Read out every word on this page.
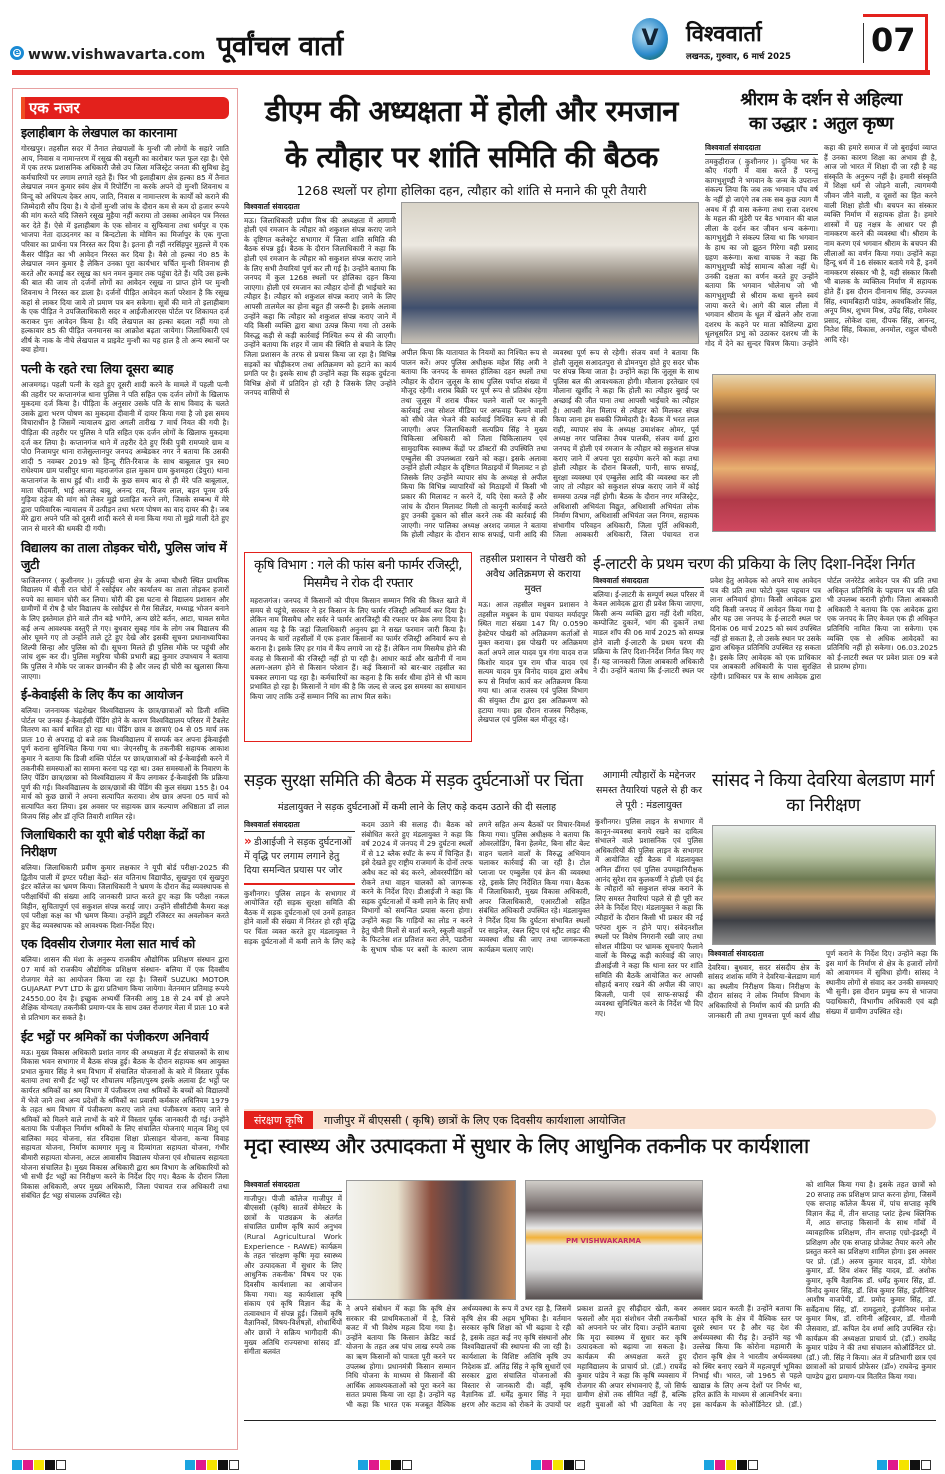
e www.vishwavarta.com पूर्वांचल वार्ता	V	विश्ववार्ता
लखनऊ, गुरुवार, 6 मार्च 2025	07
एक नजर
इलाहीबाग के लेखपाल का कारनामा
गोरखपुर। तहसील सदर में तैनात लेखपालों के मुन्शी जी लोगों के सहारे जाति आय, निवास व नामान्तरण में रसूख की वसूली का कारोबार फल फूल रहा है। ऐसे में एक तरफ प्रशासनिक अधिकारी जैसे उप जिला मजिस्ट्रेट जनता की सुविधा हेतु कर्मचारियों पर लगाम लगाते रहते हैं। फिर भी इलाहीबाग क्षेत्र हल्का 85 में तैनात लेखपाल नमन कुमार स्वंय क्षेत्र में रिपोर्टिंग ना करके अपने दो मुन्शी शिवनाथ व विन्दू को अधिपत्य देकर आय, जाति, निवास व नामान्तरण के कार्यों को कराने की जिम्मेदारी सौंप दिया है। ये दोनों मुन्शी जांच के दौरान कम से कम दो हजार रूपये की मांग करते यदि जिसने रसूख मुहैया नहीं कराया तो उसका आवेदन पत्र निरस्त कर देते हैं। ऐसे में इलाहीबाग के एक सोनार व सुफियाना तथा धर्मपुर व एक भाजपा नेता दाउदनगर का व बिन्दटोला के मोमिन का मिर्जापुर के एक गुप्ता परिवार का प्रार्थना पत्र निरस्त कर दिया है। इतना ही नहीं नरसिंहपुर मुहल्ले में एक कैंसर पीड़ित का भी आवेदन निरस्त कर दिया है। वैसे तो हल्का नं0 85 के लेखपाल नमन कुमार है लेकिन उनका पूरा कार्यभार चर्चित मुन्शी शिवनाथ ही करते और कमाई कर रसूख का धन नमन कुमार तक पहुंचा देते हैं। यदि उस हल्के की बात की जाय तो दर्जनों लोगों का आवेदन रसूख ना प्राप्त होने पर मुन्शी शिवनाथ ने निरस्त कर डाला है। दर्जनों पीड़ित आवेदन कर्ता परेशान है कि रसूख कहां से लाकर दिया जाये तो प्रमाण पत्र बन सकेगा। सूत्रों की माने तो इलाहीबाग के एक पीड़ित ने उपजिलाधिकारी सदर व आईजीआरएस पोर्टल पर शिकायत दर्ज कराकर पुनः आवेदन किया है। यदि लेखपाल का हल्का बदला नहीं गया तो हल्कावार 85 की पीड़ित जनमानस का आक्रोश बढ़ता जायेगा। जिलाधिकारी एवं शीर्ष के नाक के नीचे लेखपाल व प्राइवेट मुन्शी का यह हाल है तो अन्य स्थानों पर क्या होगा।
पत्नी के रहते रचा लिया दूसरा ब्याह
आजमगढ़। पहली पत्नी के रहते हुए दूसरी शादी करने के मामले में पहली पत्नी की तहरीर पर कप्तानगंज थाना पुलिस ने पति सहित एक दर्जन लोगों के खिलाफ मुकदमा दर्ज किया है। पीड़िता के अनुसार उसके पति के साथ विवाद के चलते उसके द्वारा भरण पोषण का मुकदमा दीवानी में दायर किया गया है जो इस समय विचाराधीन है जिसमें न्यायालय द्वारा अगली तारीख 7 मार्च नियत की गयी है। पीड़िता की तहरीर पर पुलिस ने पति सहित एक दर्जन लोगों के खिलाफ मुकदमा दर्ज कर लिया है। कप्तानगंज थाने में तहरीर देते हुए रिंकी पुत्री रामप्यारे ग्राम व पो0 निजामपुर थाना राजेसुल्तानपुर जनपद अम्बेडकर नगर ने बताया कि उसकी शादी 5 नवम्बर 2019 को हिन्दू रीति-रिवाज के साथ बाबूलाल पुत्र स्व0 राधेश्याम ग्राम पासीपुर थाना महराजगंज हाल मुकाम ग्राम कुशमहरा (डेयुरा) थाना कप्तानगंज के साथ हुई थी। शादी के कुछ समय बाद से ही मेरे पति बाबूलाल, माता चौदमती, भाई आजाद बाबू, अनन्द राव, विजय लाल, बहन पूनम उर्फ गुड़िया दहेज की मांग को लेकर मुझे प्रताड़ित करने लगे, जिसके सम्बन्ध में मेरे द्वारा पारिवारिक न्यायालय में उत्पीड़न तथा भरण पोषण का वाद दायर की है। जब मेरे द्वारा अपने पति को दूसरी शादी करने से मना किया गया तो मुझे गाली देते हुए जान से मारने की धमकी दी गयी।
विद्यालय का ताला तोड़कर चोरी, पुलिस जांच में जुटी
फाजिलनगर ( कुशीनगर )। तुर्कपट्टी थाना क्षेत्र के अम्वा चौधरी स्थित प्राथमिक विद्यालय में बीती रात चोरों ने रसोईघर और कार्यालय का ताला तोड़कर हजारों रुपये का सामान चोरी कर लिया। चोरी की इस घटना से विद्यालय प्रशासन और ग्रामीणों में रोष है चोर विद्यालय के रसोईघर से गैस सिलेंडर, मध्याह्न भोजन बनाने के लिए इस्तेमाल होने वाले तीन बड़े भगौने, अन्य छोटे बर्तन, आटा, चावल समेत कई अन्य आवश्यक वस्तुएँ ले गए। बुधवार सुबह गांव के लोग जब विद्यालय की ओर घूमने गए तो उन्होंने ताले टूटे हुए देखे और इसकी सूचना प्रधानाध्यापिका शिल्पी सिन्हा और पुलिस को दी। सूचना मिलते ही पुलिस मौके पर पहुंची और जांच शुरू कर दी। पुलिस मधुरिया चौकी प्रभारी ब्रह्म कुमार उपाध्याय ने बताया कि पुलिस ने मौके पर जाकर छानबीन की है और जल्द ही चोरी का खुलासा किया जाएगा।
ई-केवाईसी के लिए कैंप का आयोजन
बलिया। जननायक चंद्रशेखर विश्वविद्यालय के छात्र/छात्राओं को डिजी शक्ति पोर्टल पर उनका ई-केवाईसी पेंडिंग होने के कारण विश्वविद्यालय परिसर में टैबलेट वितरण का कार्य बाधित हो रहा था। पेंडिंग छात्र व छात्राएं 04 से 05 मार्च तक प्रातः 10 से अपराह्न दो बजे तक विश्वविद्यालय में सम्पर्क कर अपना ईकेवाईसी पूर्ण कराना सुनिश्चित किया गया था। जेएनसीयू के तकनीकी सहायक आकाश कुमार ने बताया कि डिजी शक्ति पोर्टल पर छात्र/छात्राओं को ई-केवाईसी करने में तकनीकी समस्याओं का सामना करना पड़ रहा था। उक्त समस्याओं के निवारण के लिए पेंडिंग छात्र/छात्रा को विश्वविद्यालय में कैंप लगाकर ई-केवाईसी कि प्रक्रिया पूर्ण की गई। विश्वविद्यालय के छात्र/छात्रों की पेंडिंग की कुल संख्या 155 है। 04 मार्च को कुछ छात्रों ने अपना सत्यापित कराया। शेष छात्र अपना 05 मार्च को सत्यापित करा लिया। इस अवसर पर सहायक छात्र कल्याण अधिष्ठाता डॉ लाल विजय सिंह और डॉ तृप्ति तिवारी शामिल रहे।
जिलाधिकारी का यूपी बोर्ड परीक्षा केंद्रों का निरीक्षण
बलिया। जिलाधिकारी प्रवीण कुमार लक्षकार ने यूपी बोर्ड परीक्षा-2025 की द्वितीय पाली में इण्टर परीक्षा केंद्रो- संत यतिनाथ विद्यापीठ, सुखपुरा एवं सुखपुरा इंटर कॉलेज का भ्रमण किया। जिलाधिकारी ने भ्रमण के दौरान केंद्र व्यवस्थापक से परीक्षार्थियों की संख्या आदि जानकारी प्राप्त करते हुए कहा कि परीक्षा नकल विहीन, सुचितापूर्ण एवं सकुशल संपन्न कराई जाए। उन्होंने सीसीटीवी कैमरा कक्ष एवं परीक्षा कक्ष का भी भ्रमण किया। उन्होंने ड्यूटी रजिस्टर का अवलोकन करते हुए केंद्र व्यवस्थापक को आवश्यक दिशा-निर्देश दिए।
एक दिवसीय रोजगार मेला सात मार्च को
बलिया। शासन की मंशा के अनुरूप राजकीय औद्योगिक प्रशिक्षण संस्थान द्वारा 07 मार्च को राजकीय औद्योगिक प्रशिक्षण संस्थान- बलिया में एक दिवसीय रोजगार मेले का आयोजन किया जा रहा है। जिसमें SUZUKI MOTOR GUJARAT PVT LTD के द्वारा प्रतिभाग किया जायेगा। वेतनमान प्रतिमाह रूपये 24550.00 देय है। इच्छुक अभ्यर्थी जिनकी आयु 18 से 24 वर्ष हो अपने शैक्षिक योग्यता/ तकनीकी प्रमाण-पत्र के साथ उक्त रोजगार मेला में प्रातः 10 बजे से प्रतिभाग कर सकते है।
ईट भट्ठों पर श्रमिकों का पंजीकरण अनिवार्य
मऊ। मुख्य विकास अधिकारी प्रशांत नागर की अध्यक्षता में ईंट संचालकों के साथ विकास भवन सभागार में बैठक संपन्न हुई। बैठक के दौरान सहायक श्रम आयुक्त प्रभात कुमार सिंह ने श्रम विभाग में संचालित योजनाओं के बारे में विस्तार पूर्वक बताया तथा सभी ईंट भट्ठों पर शौचालय महिला/पुरुष इसके अलावा ईंट भट्ठों पर कार्यरत श्रमिकों का श्रम विभाग में पंजीकरण तथा श्रमिकों के बच्चों को विद्यालयों में भेजे जाने तथा अन्य प्रदेशों के श्रमिकों का प्रवासी कर्मकार अधिनियम 1979 के तहत श्रम विभाग में पंजीकरण कराए जाने तथा पंजीकरण कराए जाने से श्रमिकों को मिलने वाले लाभों के बारे में विस्तार पूर्वक जानकारी दी गई। उन्होंने बताया कि पंजीकृत निर्माण श्रमिकों के लिए संचालित योजनाएं मातृत्व शिशु एवं बालिका मदद योजना, संत रविदास शिक्षा प्रोत्साहन योजना, कन्या विवाह सहायता योजना, निर्माण कामगार मृत्यु व दिव्यांगता सहायता योजना, गंभीर बीमारी सहायता योजना, अटल आवासीय विद्यालय योजना एवं शौचालय सहायता योजना संचालित है। मुख्य विकास अधिकारी द्वारा श्रम विभाग के अधिकारियों को भी सभी ईंट भट्ठों का निरीक्षण करने के निर्देश दिए गए। बैठक के दौरान जिला विकास अधिकारी, अपर मुख्य अधिकारी, जिला पंचायत राज अधिकारी तथा संबंधित ईंट भट्ठा संचालक उपस्थित रहे।
डीएम की अध्यक्षता में होली और रमजान
के त्यौहार पर शांति समिति की बैठक
1268 स्थलों पर होगा होलिका दहन, त्यौहार को शांति से मनाने की पूरी तैयारी
विश्ववार्ता संवाददाता
मऊ। जिलाधिकारी प्रवीण मिश्र की अध्यक्षता में आगामी होली एवं रमजान के त्यौहार को शकुशल संपन्न कराए जाने के दृष्टिगत कलेक्ट्रेट सभागार में जिला शांति समिति की बैठक संपन्न हुई। बैठक के दौरान जिलाधिकारी ने कहा कि होली एवं रमजान के त्यौहार को सकुशल संपन्न कराए जाने के लिए सभी तैयारियां पूर्ण कर ली गई है। उन्होंने बताया कि जनपद में कुल 1268 स्थलों पर होलिका दहन किया जाएगा। होली एवं रमजान का त्यौहार दोनों ही भाईचारे का त्यौहार है। त्यौहार को शकुशल संपन्न कराए जाने के लिए आपसी तालमेल का होना बहुत ही जरूरी है। इसके अलावा उन्होंने कहा कि त्यौहार को शकुशल संपन्न कराए जाने में यदि किसी व्यक्ति द्वारा बाधा उत्पन्न किया गया तो उसके विरुद्ध कड़ी से कड़ी कार्रवाई निश्चित रूप से की जाएगी। उन्होंने बताया कि शहर में जाम की स्थिति से बचाने के लिए जिला प्रशासन के तरफ से प्रयास किया जा रहा है। विभिन्न सड़कों का चौड़ीकरण तथा अतिक्रमण को हटाने का कार्य प्रगति पर है। इसके साथ ही उन्होंने कहा कि सड़क दुर्घटना विभिन्न क्षेत्रों में प्रतिदिन हो रही है जिसके लिए उन्होंने जनपद वासियों से
अपील किया कि यातायात के नियमों का निश्चित रूप से पालन करें। अपर पुलिस अधीक्षक महेश सिंह अत्री ने बताया कि जनपद के समस्त होलिका दहन स्थलों तथा त्यौहार के दौरान जुलूस के साथ पुलिस पर्याप्त संख्या में मौजूद रहेगी। शराब बिक्री पर पूर्ण रूप से प्रतिबंध रहेगा तथा जुलूस में शराब पीकर चलने वालों पर कानूनी कार्रवाई तथा सोशल मीडिया पर अफवाह फैलाने वालों को सीधे जेल भेजने की कार्रवाई निश्चित रूप से की जाएगी। अपर जिलाधिकारी सत्यप्रिय सिंह ने मुख्य चिकित्सा अधिकारी को जिला चिकित्सालय एवं सामुदायिक स्वास्थ्य केंद्रों पर डॉक्टरों की उपस्थिति तथा एम्बुलेंस की उपलब्धता रखने को कहा। इसके अलावा उन्होंने होली त्यौहार के दृष्टिगत मिठाइयों में मिलावट न हो जिसके लिए उन्होंने व्यापार संघ के अध्यक्ष से अपील किया कि विभिन्न व्यापारियों को मिठाइयों में किसी भी प्रकार की मिलावट न करने दें, यदि ऐसा करते हैं और जांच के दौरान मिलावट मिली तो कानूनी कार्रवाई करते हुए उनकी दुकान को सील करने तक की कार्रवाई की जाएगी। नगर पालिका अध्यक्ष अरशद जमाल ने बताया कि होली त्यौहार के दौरान साफ सफाई, पानी आदि की व्यवस्था पूर्ण रूप से रहेगी। संजय वर्मा ने बताया कि होली जुलूस सआदतपुरा से डोमनपुरा होते हुए सदर चौक पर संपन्न किया जाता है। उन्होंने कहा कि जुलूस के साथ पुलिस बल की आवश्यकता होगी। मौलाना इरतेखार एवं मौलाना खुर्शीद ने कहा कि होली का त्यौहार बुराई पर अच्छाई की जीत पाना तथा आपसी भाईचारे का त्यौहार है। आपसी मेल मिलाप से त्यौहार को मिलकर संपन्न किया जाना हम सबकी जिम्मेदारी है। बैठक में भरत लाल राही, व्यापार संघ के अध्यक्ष उमाशंकर ओमर, पूर्व अध्यक्ष नगर पालिका तैयब पालकी, संजय वर्मा द्वारा जनपद में होली एवं रमजान के त्यौहार को सकुशल संपन्न कराए जाने में अपना पूरा सहयोग करने को कहा तथा होली त्यौहार के दौरान बिजली, पानी, साफ सफाई, सुरक्षा व्यवस्था एवं एम्बुलेंस आदि की व्यवस्था कर ली जाए तो त्यौहार को सकुशल संपन्न कराए जाने में कोई समस्या उत्पन्न नहीं होगी। बैठक के दौरान नगर मजिस्ट्रेट, अधिशासी अभियंता विद्युत, अधिशासी अभियंता लोक निर्माण विभाग, अधिशासी अभियंता जल निगम, सहायक संभागीय परिवहन अधिकारी, जिला पूर्ति अधिकारी, जिला आबकारी अधिकारी, जिला पंचायत राज
श्रीराम के दर्शन से अहिल्या
का उद्धार : अतुल कृष्ण
विश्ववार्ता संवाददाता
तमकुहीराज ( कुशीनगर )। दुनिया भर के कौए गंदगी में वास करते हैं परन्तु कागभुशुण्डी ने भगवान के जन्म के उपरान्त संकल्प लिया कि जब तक भगवान पाँच वर्ष के नहीं हो जाएंगे तब तक सब कुछ त्याग मैं अवध में ही वास करूंगा तथा राजा दशरथ के महल की मुंडेरी पर बैठ भगवान की बाल लीला के दर्शन कर जीवन धन्य करूंगा। कागभुशुंडी ने संकल्प लिया था कि भगवान के हाथ का जो झूठन गिरेगा वही प्रसाद ग्रहण करूंगा। कथा वाचक ने कहा कि कागभुशुण्डी कोई सामान्य कौआ नहीं थे। उनकी दक्षता का वर्णन करते हुए उन्होंने बताया कि भगवान भोलेनाथ जो भी कागभुशुण्डी से श्रीराम कथा सुनने स्वयं जाया करते थे। आगे की बाल लीला में भगवान श्रीराम के धूल में खेलने और राजा दशरथ के कहने पर माता कौशिल्या द्वारा धूलधूसरित प्रभु को उठाकर दशरथ जी के गोद में देने का सुन्दर चित्रण किया। उन्होंने कहा की हमारे समाज में जो बुराईयां व्याप्त हैं उनका कारण शिक्षा का अभाव ही है, आज जो भारत में शिक्षा दी जा रही है वह संस्कृति के अनुरूप नहीं है। हमारी संस्कृति में शिक्षा धर्म से जोड़ने वाली, त्यागमयी जीवन जीने वाली, व दूसरों का हित करने वाली शिक्षा होती थी। बचपन का संस्कार व्यक्ति निर्माण में सहायक होता है। हमारे शास्त्रों में ग्रह नक्षत्र के आधार पर ही नामकरण करने की व्यवस्था थी। श्रीराम के नाम करण एवं भगवान श्रीराम के बचपन की लीलाओं का वर्णन किया गया। उन्होंने कहा हिन्दू धर्म में 16 संस्कार बताये गये हैं, इनमें नामकरण संस्कार भी है, यही संस्कार किसी भी बालक के व्यक्तित्व निर्माण में सहायक होते हैं। इस दौरान दीनानाथ सिंह, उज्ज्वल सिंह, श्यामबिहारी पांडेय, अवधकिशोर सिंह, अनूप मिश्र, शुभम मिश्र, उपेंद्र सिंह, रामेश्वर प्रसाद, लोकेश दास, दीपक सिंह, आनन्द, नितेश सिंह, विकास, अनमोल, राहुल चौधरी आदि रहे।
कृषि विभाग : गले की फांस बनी फार्मर रजिस्ट्री, मिसमैच ने रोक दी रफ्तार
महराजगंज। जनपद में किसानों को पीएम किसान सम्मान निधि की किश्त खाते में समय से पहुंचे, सरकार ने हर किसान के लिए फार्मर रजिस्ट्री अनिवार्य कर दिया है। लेकिन नाम मिसमैच और सर्वर ने फार्मर आरजिस्ट्री की रफ्तार पर ब्रेक लगा दिया है। आलम यह है कि जहां जिलाधिकारी अनुनय झा ने सख्त फरमान जारी किया है। जनपद के चारों तहसीलों में एक हजार किसानों का फार्मर रजिस्ट्री अनिवार्य रूप से कराना है। इसके लिए हर गांव में कैंप लगाये जा रहे हैं। लेकिन नाम मिसमैच होने की वजह से किसानों की रजिस्ट्री नहीं हो पा रही है। आधार कार्ड और खतौनी में नाम अलग-अलग होने से किसान परेशान हैं। कई किसानों को बार-बार तहसील का चक्कर लगाना पड़ रहा है। कर्मचारियों का कहना है कि सर्वर धीमा होने से भी काम प्रभावित हो रहा है। किसानों ने मांग की है कि जल्द से जल्द इस समस्या का समाधान किया जाए ताकि उन्हें सम्मान निधि का लाभ मिल सके।
तहसील प्रशासन ने पोखरी को अवैध अतिक्रमण से कराया मुक्त
मऊ। आज तहसील मधुबन प्रशासन ने तहसील मधुबन के ग्राम पंचायत मर्यादपुर स्थित गाटा संख्या 147 मि/ 0.0590 हेक्टेयर पोखरी को अतिक्रमण कर्ताओं से मुक्त कराया। इस पोखरी पर अतिक्रमण कर्ता अपने लाल यादव पुत्र गंगा यादव राज किशोर यादव पुत्र राम चीज यादव एवं सत्यम यादव पुत्र विनोद यादव द्वारा अवैध रूप से निर्माण कार्य कर अतिक्रमण किया गया था। आज राजस्व एवं पुलिस विभाग की संयुक्त टीम द्वारा इस अतिक्रमण को हटाया गया। इस दौरान राजस्व निरीक्षक, लेखपाल एवं पुलिस बल मौजूद रहे।
ई-लाटरी के प्रथम चरण की प्रकिया के लिए दिशा-निर्देश निर्गत
विश्ववार्ता संवाददाता
बलिया। ई-लाटरी के सम्पूर्ण स्थल परिसर में केवल आवेदक द्वारा ही प्रवेश किया जाएगा, किसी अन्य व्यक्ति द्वारा नहीं देशी मदिरा, कम्पोजिट दुकानें, भांग की दुकानें तथा माडल शॉप की 06 मार्च 2025 को सम्पन्न होने वाली ई-लाटरी के प्रथम चरण की प्रक्रिया के लिए दिशा-निर्देश निर्गत किए गए हैं। यह जानकारी जिला आबकारी अधिकारी ने दी। उन्होंने बताया कि ई-लाटरी स्थल पर प्रवेश हेतु आवेदक को अपने साथ आवेदन पत्र की प्रति तथा फोटो युक्त पहचान पत्र लाना अनिवार्य होगा। किसी आवेदक द्वारा यदि किसी जनपद में आवेदन किया गया है और यह उस जनपद के ई-लाटरी स्थल पर दिनांक 06 मार्च 2025 को स्वयं उपस्थित नहीं हो सकता है, तो उसके स्थान पर उसके द्वारा अधिकृत प्रतिनिधि उपस्थित रह सकता है। इसके लिए आवेदक को एक प्राधिकार पत्र आबकारी अधिकारी के पास सुरक्षित रहेगी। प्राधिकार पत्र के साथ आवेदक द्वारा पोर्टल जनरेटेड आवेदन पत्र की प्रति तथा अधिकृत प्रतिनिधि के पहचान पत्र की प्रति भी उपलब्ध करानी होगी। जिला आबकारी अधिकारी ने बताया कि एक आवेदक द्वारा एक जनपद के लिए केवल एक ही अधिकृत प्रतिनिधि नामित किया जा सकेगा। एक व्यक्ति एक से अधिक आवेदकों का प्रतिनिधि नहीं हो सकेगा। 06.03.2025 को ई-लाटरी स्थल पर प्रवेश प्रातः 09 बजे से प्रारम्भ होगा।
सड़क सुरक्षा समिति की बैठक में सड़क दुर्घटनाओं पर चिंता
मंडलायुक्त ने सड़क दुर्घटनाओं में कमी लाने के लिए कड़े कदम उठाने की दी सलाह
विश्ववार्ता संवाददाता
» डीआईजी ने सड़क दुर्घटनाओं में वृद्धि पर लगाम लगाने हेतु दिया समन्वित प्रयास पर जोर
कुशीनगर। पुलिस लाइन के सभागार में आयोजित रही सड़क सुरक्षा समिति की बैठक में सड़क दुर्घटनाओं एवं उनमें हताहत होने वालों की संख्या में निरंतर हो रही वृद्धि पर चिंता व्यक्त करते हुए मंडलायुक्त ने सड़क दुर्घटनाओं में कमी लाने के लिए कड़े कदम उठाने की सलाह दी। बैठक को संबोधित करते हुए मंडलायुक्त ने कहा कि वर्ष 2024 में जनपद में 29 दुर्घटना स्थलों में से 12 ब्लैक स्पॉट के रूप में चिन्हित हैं। इसे देखते हुए राष्ट्रीय राजमार्ग के दोनों तरफ अवैध कट को बंद करने, ओवरस्पीडिंग को रोकने तथा वाहन चालकों को जागरूक करने के निर्देश दिए। डीआईजी ने कहा कि सड़क दुर्घटनाओं में कमी लाने के लिए सभी विभागों को समन्वित प्रयास करना होगा। उन्होंने कहा कि गाड़ियों का लोड न करने हेतु चीनी मिलों से वार्ता करने, स्कूली वाहनों के फिटनेस शत प्रतिशत करा लेने, पडरौना के सुभाष चौक पर बसों के कारण जाम लगने सहित अन्य बैठकों पर विचार-विमर्श किया गया। पुलिस अधीक्षक ने बताया कि ओवरलोडिंग, बिना हेलमेट, बिना सीट बेल्ट वाहन चलाने वालों के विरुद्ध अभियान चलाकर कार्रवाई की जा रही है। टोल प्लाजा पर एम्बुलेंस एवं क्रेन की व्यवस्था रहे, इसके लिए निर्देशित किया गया। बैठक में जिलाधिकारी, मुख्य विकास अधिकारी, अपर जिलाधिकारी, एआरटीओ सहित संबंधित अधिकारी उपस्थित रहे। मंडलायुक्त ने निर्देश दिया कि दुर्घटना संभावित स्थलों पर साइनेज, रंबल स्ट्रिप एवं स्ट्रीट लाइट की व्यवस्था शीघ्र की जाए तथा जागरूकता कार्यक्रम चलाए जाएं।
आगामी त्यौहारों के मद्देनजर समस्त तैयारियां पहले से ही कर ले पूरी : मंडलायुक्त
कुशीनगर। पुलिस लाइन के सभागार में कानून-व्यवस्था बनाये रखने का दायित्व संभालने वाले प्रशासनिक एवं पुलिस अधिकारियों की पुलिस लाइन के सभागार में आयोजित रही बैठक में मंडलायुक्त अनिल ढींगरा एवं पुलिस उपमहानिरीक्षक आनंद सुरेश राव कुलकर्णी ने होली एवं ईद के त्यौहारों को सकुशल संपन्न कराने के लिए समस्त तैयारियां पहले से ही पूरी कर लेने के निर्देश दिए। मंडलायुक्त ने कहा कि त्यौहारों के दौरान किसी भी प्रकार की नई परंपरा शुरू न होने पाए। संवेदनशील स्थलों पर विशेष निगरानी रखी जाए तथा सोशल मीडिया पर भ्रामक सूचनाएं फैलाने वालों के विरुद्ध कड़ी कार्रवाई की जाए। डीआईजी ने कहा कि थाना स्तर पर शांति समिति की बैठकें आयोजित कर आपसी सौहार्द बनाए रखने की अपील की जाए। बिजली, पानी एवं साफ-सफाई की व्यवस्था सुनिश्चित करने के निर्देश भी दिए गए।
सांसद ने किया देवरिया बेलडाण मार्ग का निरीक्षण
विश्ववार्ता संवाददाता
देवरिया। बुधवार, सदर संसदीय क्षेत्र के सांसद शशांक मणि ने देवरिया-बेलडाण मार्ग का स्थलीय निरीक्षण किया। निरीक्षण के दौरान सांसद ने लोक निर्माण विभाग के अधिकारियों से निर्माण कार्य की प्रगति की जानकारी ली तथा गुणवत्ता पूर्ण कार्य शीघ्र पूर्ण कराने के निर्देश दिए। उन्होंने कहा कि इस मार्ग के निर्माण से क्षेत्र के हजारों लोगों को आवागमन में सुविधा होगी। सांसद ने स्थानीय लोगों से संवाद कर उनकी समस्याएं भी सुनी। इस दौरान प्रमुख रूप से भाजपा पदाधिकारी, विभागीय अधिकारी एवं बड़ी संख्या में ग्रामीण उपस्थित रहे।
संरक्षण कृषि गाजीपुर में बीएससी ( कृषि) छात्रों के लिए एक दिवसीय कार्यशाला आयोजित
मृदा स्वास्थ्य और उत्पादकता में सुधार के लिए आधुनिक तकनीक पर कार्यशाला
PM VISHWAKARMA
विश्ववार्ता संवाददाता
गाजीपुर। पीजी कॉलेज गाजीपुर में बीएससी (कृषि) सातवें सेमेस्टर के छात्रों के पाठ्यक्रम के अंतर्गत संचालित ग्रामीण कृषि कार्य अनुभव (Rural Agricultural Work Experience - RAWE) कार्यक्रम के तहत 'संरक्षण कृषिः मृदा स्वास्थ्य और उत्पादकता में सुधार के लिए आधुनिक तकनीक' विषय पर एक दिवसीय कार्यशाला का आयोजन किया गया। यह कार्यशाला कृषि संकाय एवं कृषि विज्ञान केंद्र के तत्वावधान में संपन्न हुई। जिसमें कृषि वैज्ञानिकों, विषय-विशेषज्ञों, शोधार्थियों और छात्रों ने सक्रिय भागीदारी की। मुख्य अतिथि राज्यसभा सांसद डॉ. संगीता बलवंत
ने अपने संबोधन में कहा कि कृषि क्षेत्र सरकार की प्राथमिकताओं में है, जिसे बजट में भी विशेष महत्व दिया गया है। उन्होंने बताया कि किसान क्रेडिट कार्ड योजना के तहत अब पांच लाख रुपये तक का ऋण किसानों को पात्रता पूरी करने पर उपलब्ध होगा। प्रधानमंत्री किसान सम्मान निधि योजना के माध्यम से किसानों की आर्थिक आवश्यकताओं को पूरा करने का सतत प्रयास किया जा रहा है। उन्होंने यह भी कहा कि भारत एक मजबूत वैश्विक अर्थव्यवस्था के रूप में उभर रहा है, जिसमें कृषि क्षेत्र की अहम भूमिका है। वर्तमान सरकार कृषि शिक्षा को भी बढ़ावा दे रही है, इसके तहत कई नए कृषि संस्थानों और विश्वविद्यालयों की स्थापना की जा रही है। कार्यशाला के विशिष्ट अतिथि कृषि उप निदेशक डॉ. अतिंद्र सिंह ने कृषि सुधारों एवं सरकार द्वारा संचालित योजनाओं की विस्तार से जानकारी दी। वहीं, कृषि वैज्ञानिक डॉ. धर्मेंद्र कुमार सिंह ने मृदा क्षरण और कटाव को रोकने के उपायों पर प्रकाश डालते हुए सीढ़ीदार खेती, कवर फसलों और मृदा संशोधन जैसी तकनीकों को अपनाने पर जोर दिया। उन्होंने बताया कि मृदा स्वास्थ्य में सुधार कर कृषि उत्पादकता को बढ़ाया जा सकता है। कार्यक्रम की अध्यक्षता करते हुए महाविद्यालय के प्राचार्य प्रो. (डॉ.) राघवेंद्र कुमार पांडेय ने कहा कि कृषि व्यवसाय में रोजगार की अपार संभावनाएं हैं, जो सिर्फ ग्रामीण क्षेत्रों तक सीमित नहीं हैं, बल्कि शहरी युवाओं को भी उद्यमिता के नए अवसर प्रदान करती हैं। उन्होंने बताया कि भारत कृषि के क्षेत्र में वैश्विक स्तर पर दूसरे स्थान पर है और यह देश की अर्थव्यवस्था की रीढ़ है। उन्होंने यह भी उल्लेख किया कि कोरोना महामारी के दौरान कृषि क्षेत्र ने भारतीय अर्थव्यवस्था को स्थिर बनाए रखने में महत्वपूर्ण भूमिका निभाई थी। भारत, जो 1965 से पहले खाद्यान्न के लिए अन्य देशों पर निर्भर था, हरित क्रांति के माध्यम से आत्मनिर्भर बना। इस कार्यक्रम के कोऑर्डिनेटर प्रो. (डॉ.)
को शामिल किया गया है। इसके तहत छात्रों को 20 सप्ताह तक प्रशिक्षण प्राप्त करना होगा, जिसमें एक सप्ताह कॉलेज कैंपस में, पांच सप्ताह कृषि विज्ञान केंद्र में, तीन सप्ताह प्लांट हेल्थ क्लिनिक में, आठ सप्ताह किसानों के साथ गाँवों में व्यावहारिक प्रशिक्षण, तीन सप्ताह एग्रो-इंडस्ट्री में प्रशिक्षण और एक सप्ताह प्रोजेक्ट तैयार करने और प्रस्तुत करने का प्रशिक्षण शामिल होगा। इस अवसर पर प्रो. (डॉ.) अरुण कुमार यादव, डॉ. योगेश कुमार, डॉ. शिव शंकर सिंह यादव, डॉ. अशोक कुमार, कृषि वैज्ञानिक डॉ. धर्मेंद्र कुमार सिंह, डॉ. विनोद कुमार सिंह, डॉ. शिव कुमार सिंह, इंजीनियर आशीष वाजपेयी, डॉ. प्रमोद कुमार सिंह, डॉ. सर्वेंद्रनाथ सिंह, डॉ. रामदुलारे, इंजीनियर मनोज कुमार मिश्र, डॉ. रागिनी अहिरवार, डॉ. गौतमी जैसवारा, डॉ. कपिल देव शर्मा आदि उपस्थित रहे। कार्यक्रम की अध्यक्षता प्राचार्य प्रो. (डॉ.) राघवेंद्र कुमार पांडेय ने की तथा संचालन कोऑर्डिनेटर प्रो. (डॉ.) जी. सिंह ने किया। अंत में प्रतिभागी छात्र एवं छात्राओं को प्राचार्य प्रोफेसर (डॉ०) राघवेन्द्र कुमार पाण्डेय द्वारा प्रमाण-पत्र वितरित किया गया।
